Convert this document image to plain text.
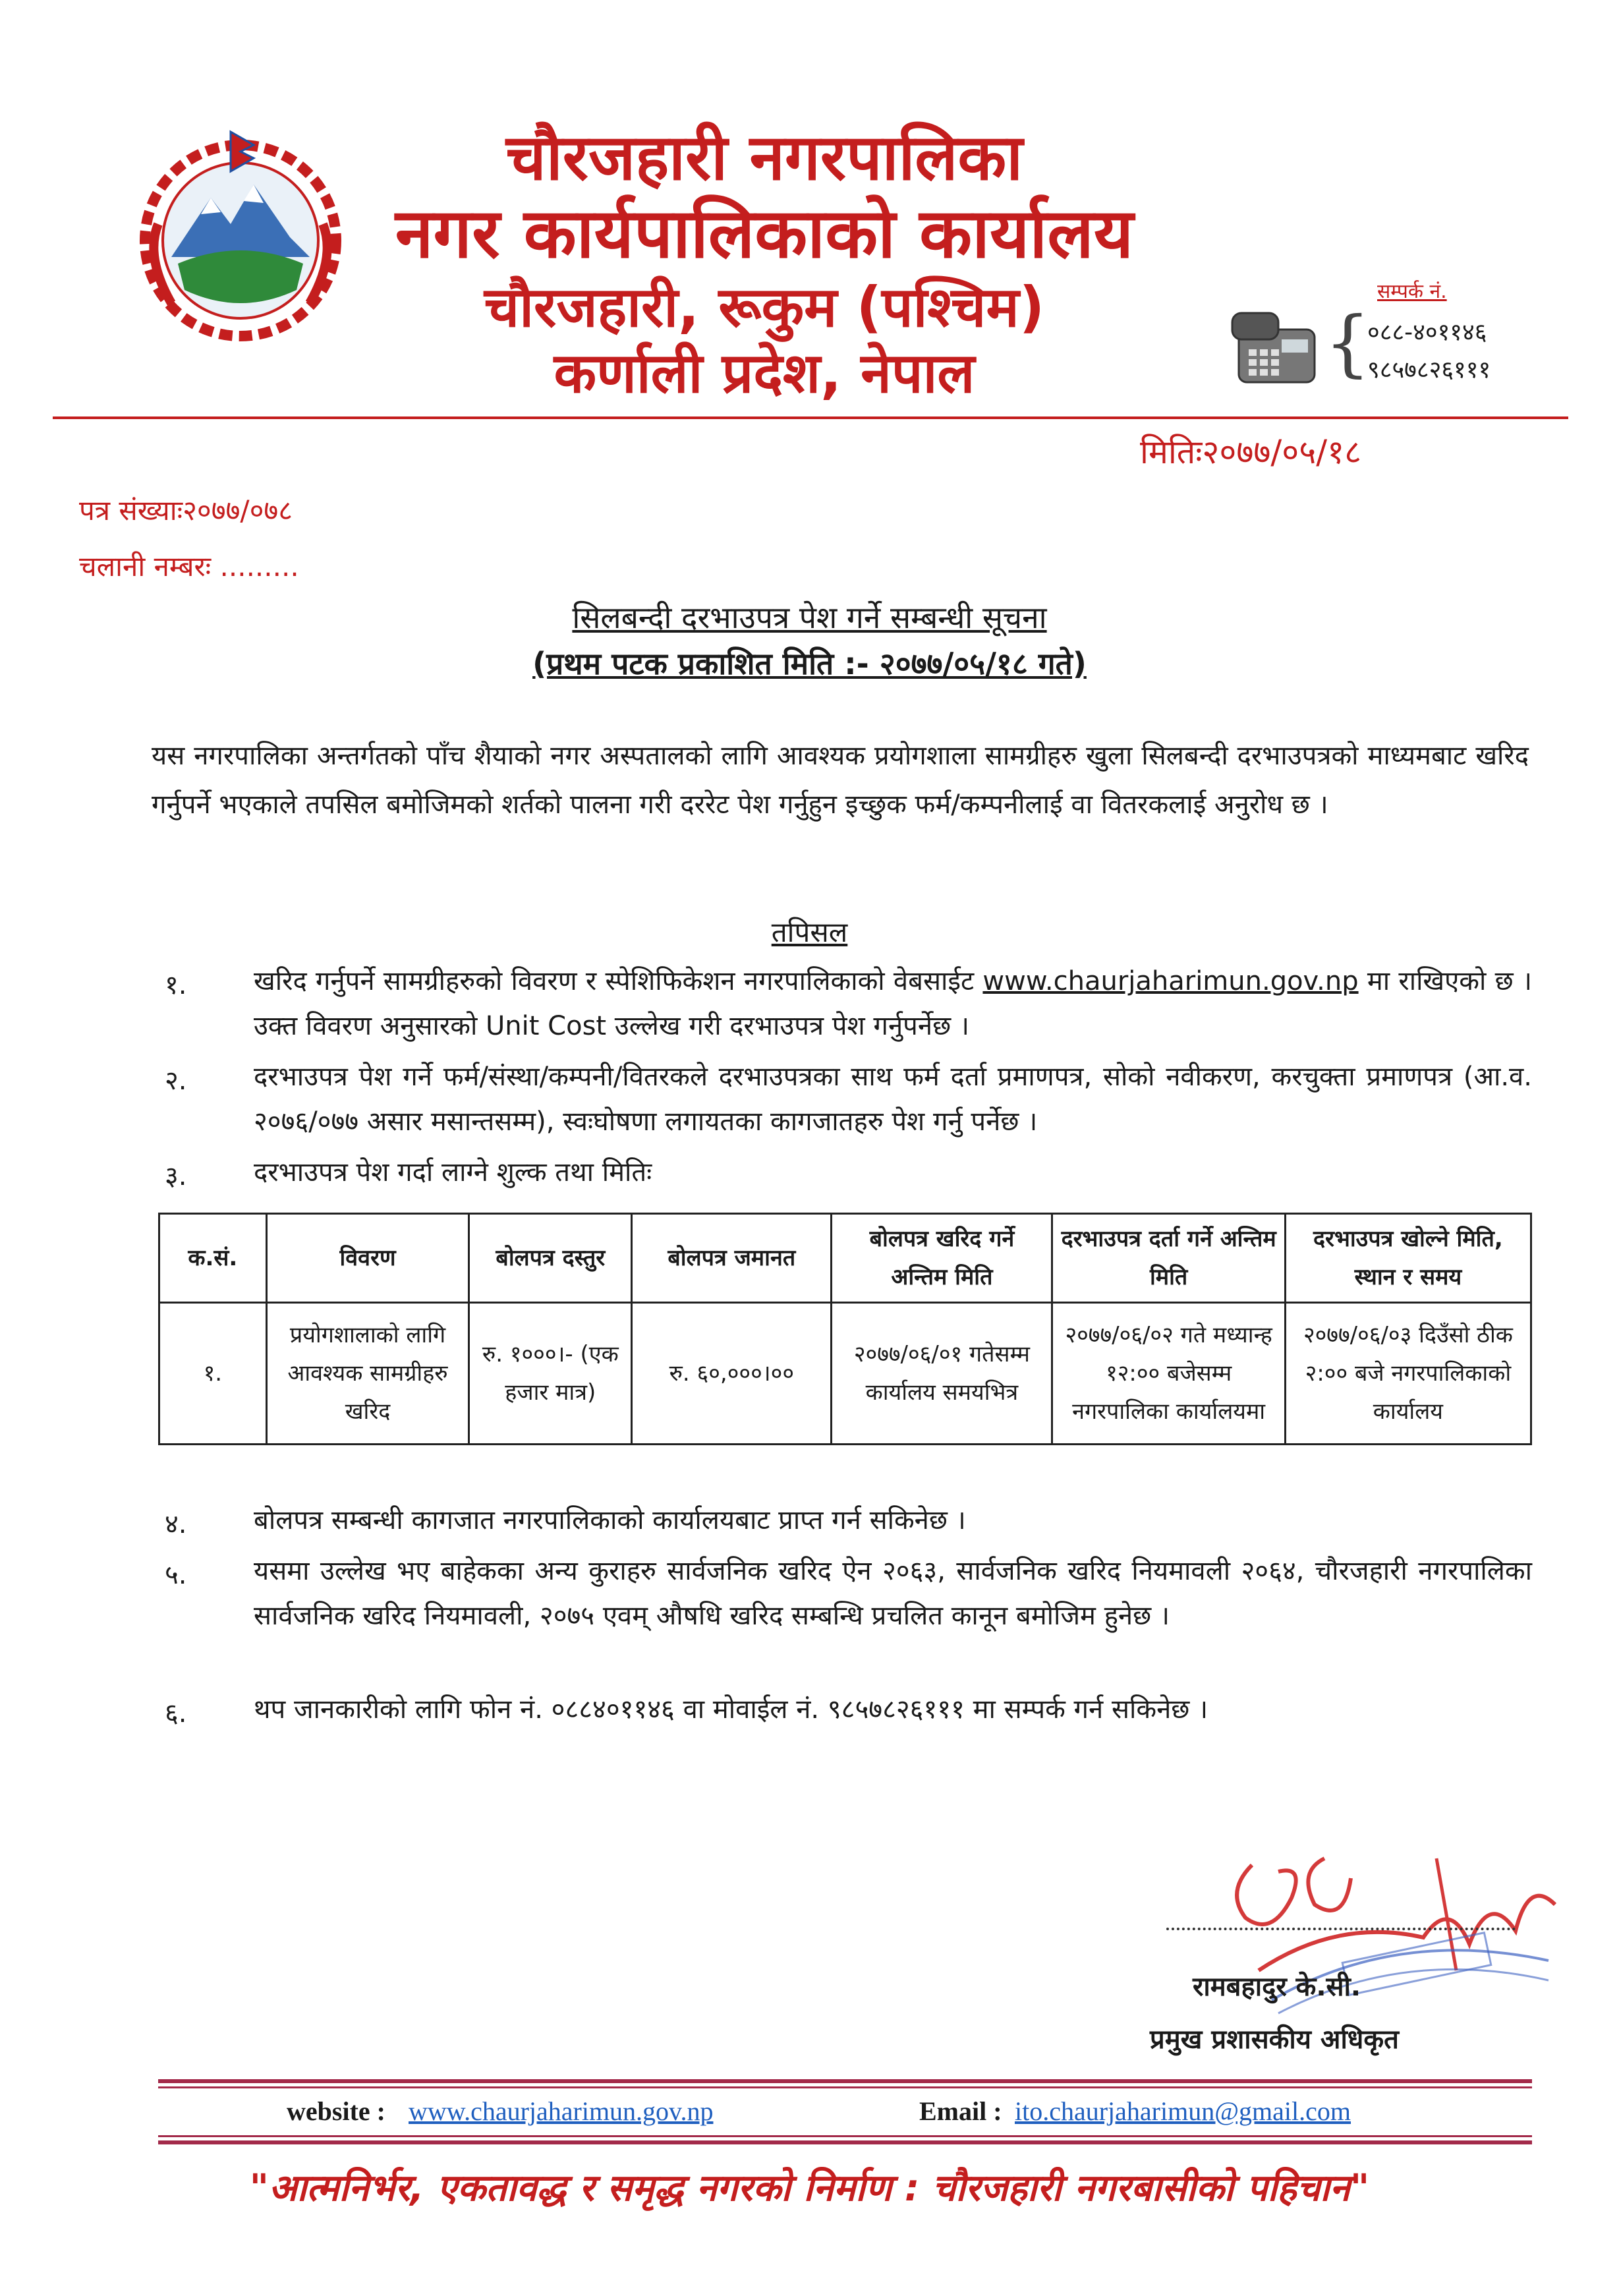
चौरजहारी नगरपालिका
नगर कार्यपालिकाको कार्यालय
चौरजहारी, रूकुम (पश्चिम)
कर्णाली प्रदेश, नेपाल	{
सम्पर्क नं.
०८८-४०११४६
९८५७८२६१११
मितिः२०७७/०५/१८
पत्र संख्याः२०७७/०७८
चलानी नम्बरः .........
सिलबन्दी दरभाउपत्र पेश गर्ने सम्बन्धी सूचना
(प्रथम पटक प्रकाशित मिति :- २०७७/०५/१८ गते)
यस नगरपालिका अन्तर्गतको पाँच शैयाको नगर अस्पतालको लागि आवश्यक प्रयोगशाला सामग्रीहरु खुला सिलबन्दी दरभाउपत्रको माध्यमबाट खरिद गर्नुपर्ने भएकाले तपसिल बमोजिमको शर्तको पालना गरी दररेट पेश गर्नुहुन इच्छुक फर्म/कम्पनीलाई वा वितरकलाई अनुरोध छ ।
तपिसल
१.	खरिद गर्नुपर्ने सामग्रीहरुको विवरण र स्पेशिफिकेशन नगरपालिकाको वेबसाईट www.chaurjaharimun.gov.np मा राखिएको छ । उक्त विवरण अनुसारको Unit Cost उल्लेख गरी दरभाउपत्र पेश गर्नुपर्नेछ ।
२.	दरभाउपत्र पेश गर्ने फर्म/संस्था/कम्पनी/वितरकले दरभाउपत्रका साथ फर्म दर्ता प्रमाणपत्र, सोको नवीकरण, करचुक्ता प्रमाणपत्र (आ.व. २०७६/०७७ असार मसान्तसम्म), स्वःघोषणा लगायतका कागजातहरु पेश गर्नु पर्नेछ ।
३.	दरभाउपत्र पेश गर्दा लाग्ने शुल्क तथा मितिः
क.सं.	विवरण	बोलपत्र दस्तुर	बोलपत्र जमानत	बोलपत्र खरिद गर्ने अन्तिम मिति	दरभाउपत्र दर्ता गर्ने अन्तिम मिति	दरभाउपत्र खोल्ने मिति, स्थान र समय
१.	प्रयोगशालाको लागि आवश्यक सामग्रीहरु खरिद	रु. १०००।- (एक हजार मात्र)	रु. ६०,०००।००	२०७७/०६/०१ गतेसम्म कार्यालय समयभित्र	२०७७/०६/०२ गते मध्यान्ह १२:०० बजेसम्म नगरपालिका कार्यालयमा	२०७७/०६/०३ दिउँसो ठीक २:०० बजे नगरपालिकाको कार्यालय
४.	बोलपत्र सम्बन्धी कागजात नगरपालिकाको कार्यालयबाट प्राप्त गर्न सकिनेछ ।
५.	यसमा उल्लेख भए बाहेकका अन्य कुराहरु सार्वजनिक खरिद ऐन २०६३, सार्वजनिक खरिद नियमावली २०६४, चौरजहारी नगरपालिका सार्वजनिक खरिद नियमावली, २०७५ एवम् औषधि खरिद सम्बन्धि प्रचलित कानून बमोजिम हुनेछ ।
६.	थप जानकारीको लागि फोन नं. ०८८४०११४६ वा मोवाईल नं. ९८५७८२६१११ मा सम्पर्क गर्न सकिनेछ ।
रामबहादुर के.सी.
प्रमुख प्रशासकीय अधिकृत
website : www.chaurjaharimun.gov.np	Email : ito.chaurjaharimun@gmail.com
"आत्मनिर्भर, एकतावद्ध र समृद्ध नगरको निर्माण : चौरजहारी नगरबासीको पहिचान"
